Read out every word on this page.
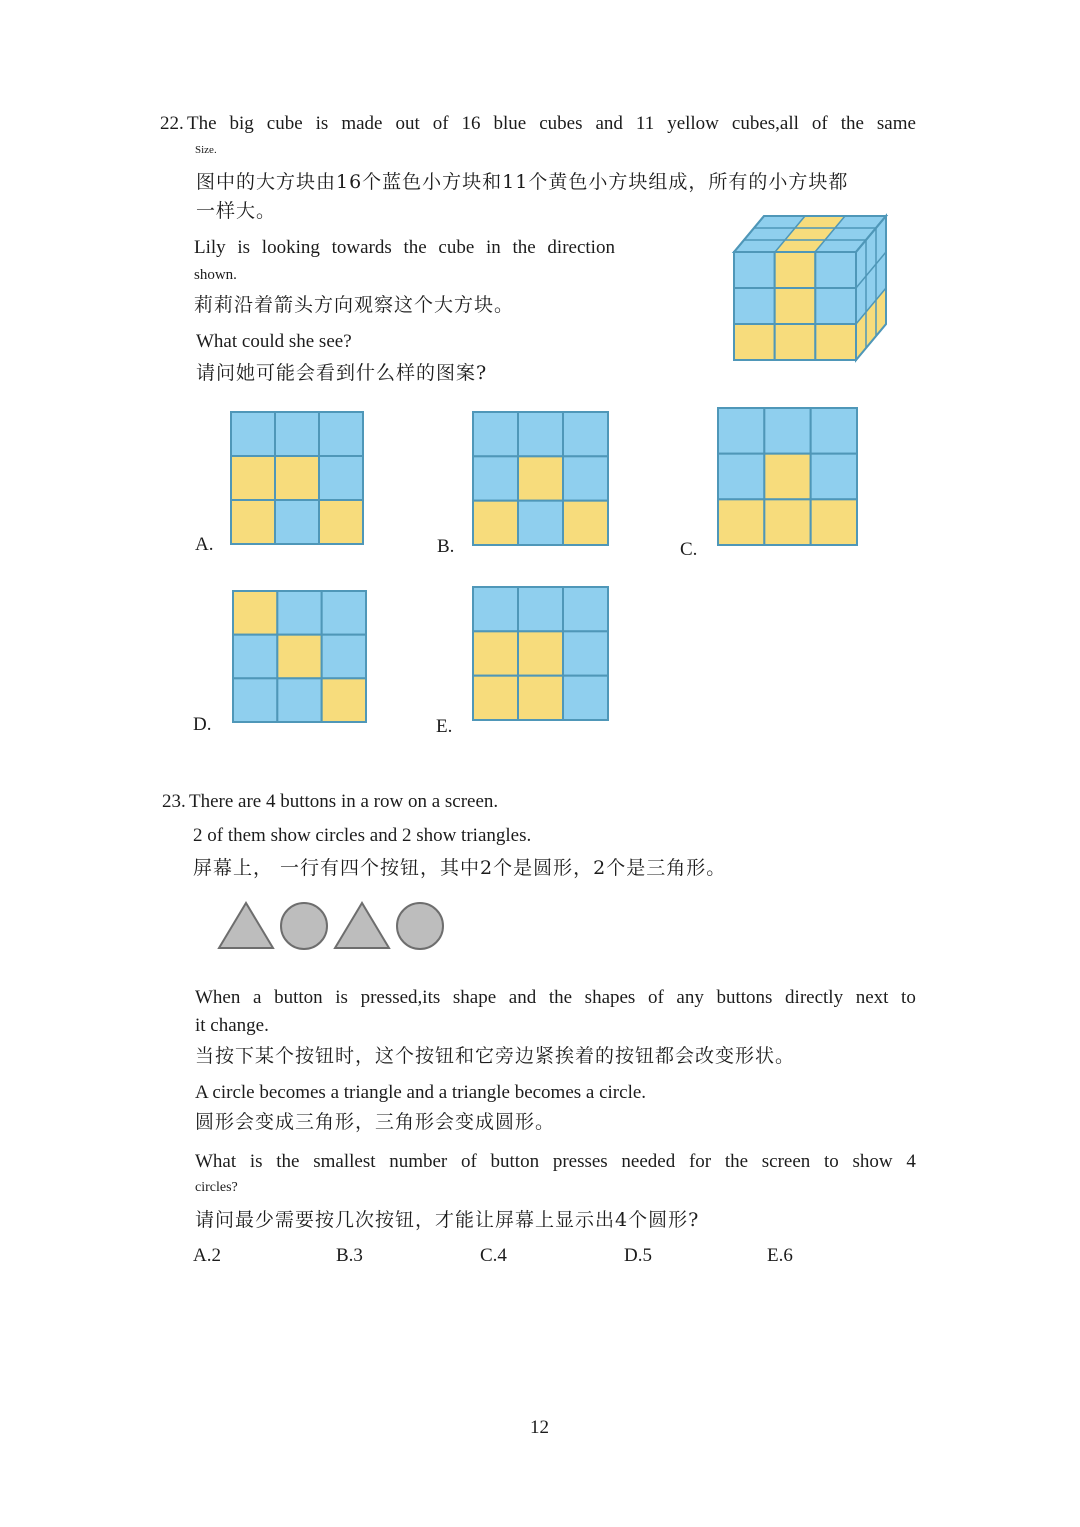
22. The big cube is made out of 16 blue cubes and 11 yellow cubes,all of the same
Size.
图中的大方块由16个蓝色小方块和11个黄色小方块组成，所有的小方块都
一样大。
Lily is looking towards the cube in the direction
shown.
莉莉沿着箭头方向观察这个大方块。
What could she see?
请问她可能会看到什么样的图案?
A.	B.	C.
D.	E.
23. There are 4 buttons in a row on a screen.
2 of them show circles and 2 show triangles.
屏幕上， 一行有四个按钮，其中2个是圆形，2个是三角形。
When a button is pressed,its shape and the shapes of any buttons directly next to
it change.
当按下某个按钮时，这个按钮和它旁边紧挨着的按钮都会改变形状。
A circle becomes a triangle and a triangle becomes a circle.
圆形会变成三角形，三角形会变成圆形。
What is the smallest number of button presses needed for the screen to show 4
circles?
请问最少需要按几次按钮，才能让屏幕上显示出4个圆形?
A.2	B.3	C.4	D.5	E.6
12
